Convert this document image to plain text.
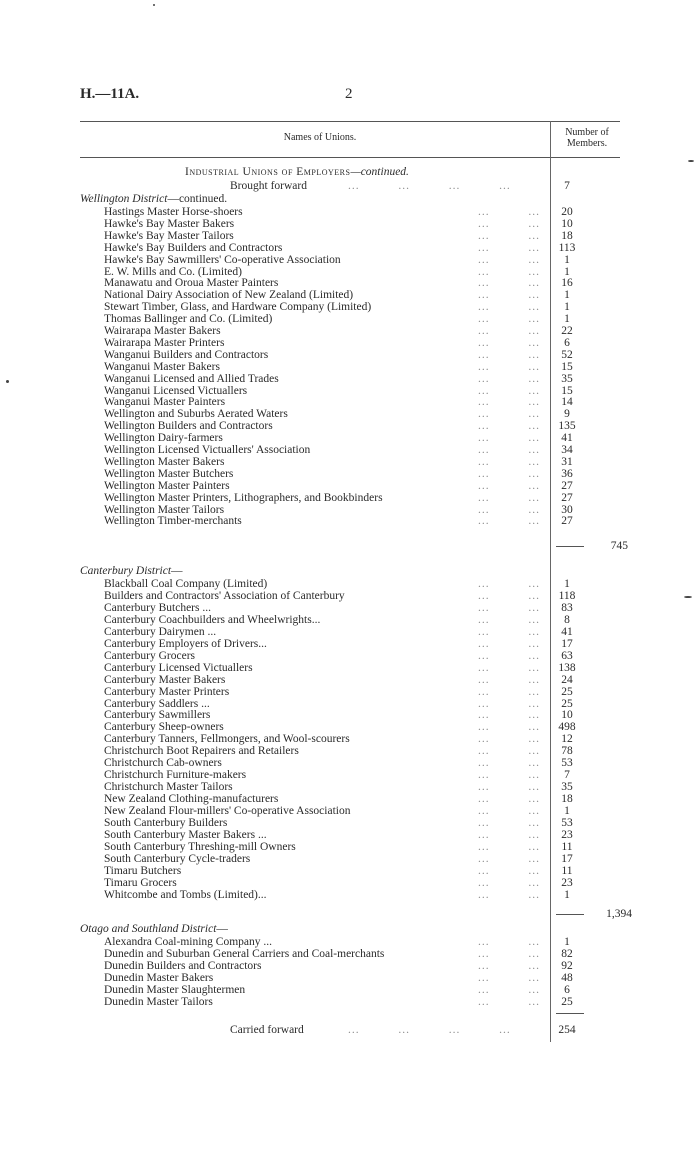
H.—11A.	2
Names of Unions.	Number of
Members.
Industrial Unions of Employers—continued.
Brought forward	...          ...          ...          ...	7
Wellington District—continued.
Hastings Master Horse-shoers	...          ...	20
Hawke's Bay Master Bakers	...          ...	10
Hawke's Bay Master Tailors	...          ...	18
Hawke's Bay Builders and Contractors	...          ...	113
Hawke's Bay Sawmillers' Co-operative Association	...          ...	1
E. W. Mills and Co. (Limited)	...          ...	1
Manawatu and Oroua Master Painters	...          ...	16
National Dairy Association of New Zealand (Limited)	...          ...	1
Stewart Timber, Glass, and Hardware Company (Limited)	...          ...	1
Thomas Ballinger and Co. (Limited)	...          ...	1
Wairarapa Master Bakers	...          ...	22
Wairarapa Master Printers	...          ...	6
Wanganui Builders and Contractors	...          ...	52
Wanganui Master Bakers	...          ...	15
Wanganui Licensed and Allied Trades	...          ...	35
Wanganui Licensed Victuallers	...          ...	15
Wanganui Master Painters	...          ...	14
Wellington and Suburbs Aerated Waters	...          ...	9
Wellington Builders and Contractors	...          ...	135
Wellington Dairy-farmers	...          ...	41
Wellington Licensed Victuallers' Association	...          ...	34
Wellington Master Bakers	...          ...	31
Wellington Master Butchers	...          ...	36
Wellington Master Painters	...          ...	27
Wellington Master Printers, Lithographers, and Bookbinders	...          ...	27
Wellington Master Tailors	...          ...	30
Wellington Timber-merchants	...          ...	27
745
Canterbury District—
Blackball Coal Company (Limited)	...          ...	1
Builders and Contractors' Association of Canterbury	...          ...	118
Canterbury Butchers ...	...          ...	83
Canterbury Coachbuilders and Wheelwrights...	...          ...	8
Canterbury Dairymen ...	...          ...	41
Canterbury Employers of Drivers...	...          ...	17
Canterbury Grocers	...          ...	63
Canterbury Licensed Victuallers	...          ...	138
Canterbury Master Bakers	...          ...	24
Canterbury Master Printers	...          ...	25
Canterbury Saddlers ...	...          ...	25
Canterbury Sawmillers	...          ...	10
Canterbury Sheep-owners	...          ...	498
Canterbury Tanners, Fellmongers, and Wool-scourers	...          ...	12
Christchurch Boot Repairers and Retailers	...          ...	78
Christchurch Cab-owners	...          ...	53
Christchurch Furniture-makers	...          ...	7
Christchurch Master Tailors	...          ...	35
New Zealand Clothing-manufacturers	...          ...	18
New Zealand Flour-millers' Co-operative Association	...          ...	1
South Canterbury Builders	...          ...	53
South Canterbury Master Bakers ...	...          ...	23
South Canterbury Threshing-mill Owners	...          ...	11
South Canterbury Cycle-traders	...          ...	17
Timaru Butchers	...          ...	11
Timaru Grocers	...          ...	23
Whitcombe and Tombs (Limited)...	...          ...	1
1,394
Otago and Southland District—
Alexandra Coal-mining Company ...	...          ...	1
Dunedin and Suburban General Carriers and Coal-merchants	...          ...	82
Dunedin Builders and Contractors	...          ...	92
Dunedin Master Bakers	...          ...	48
Dunedin Master Slaughtermen	...          ...	6
Dunedin Master Tailors	...          ...	25
Carried forward	...          ...          ...          ...	254
